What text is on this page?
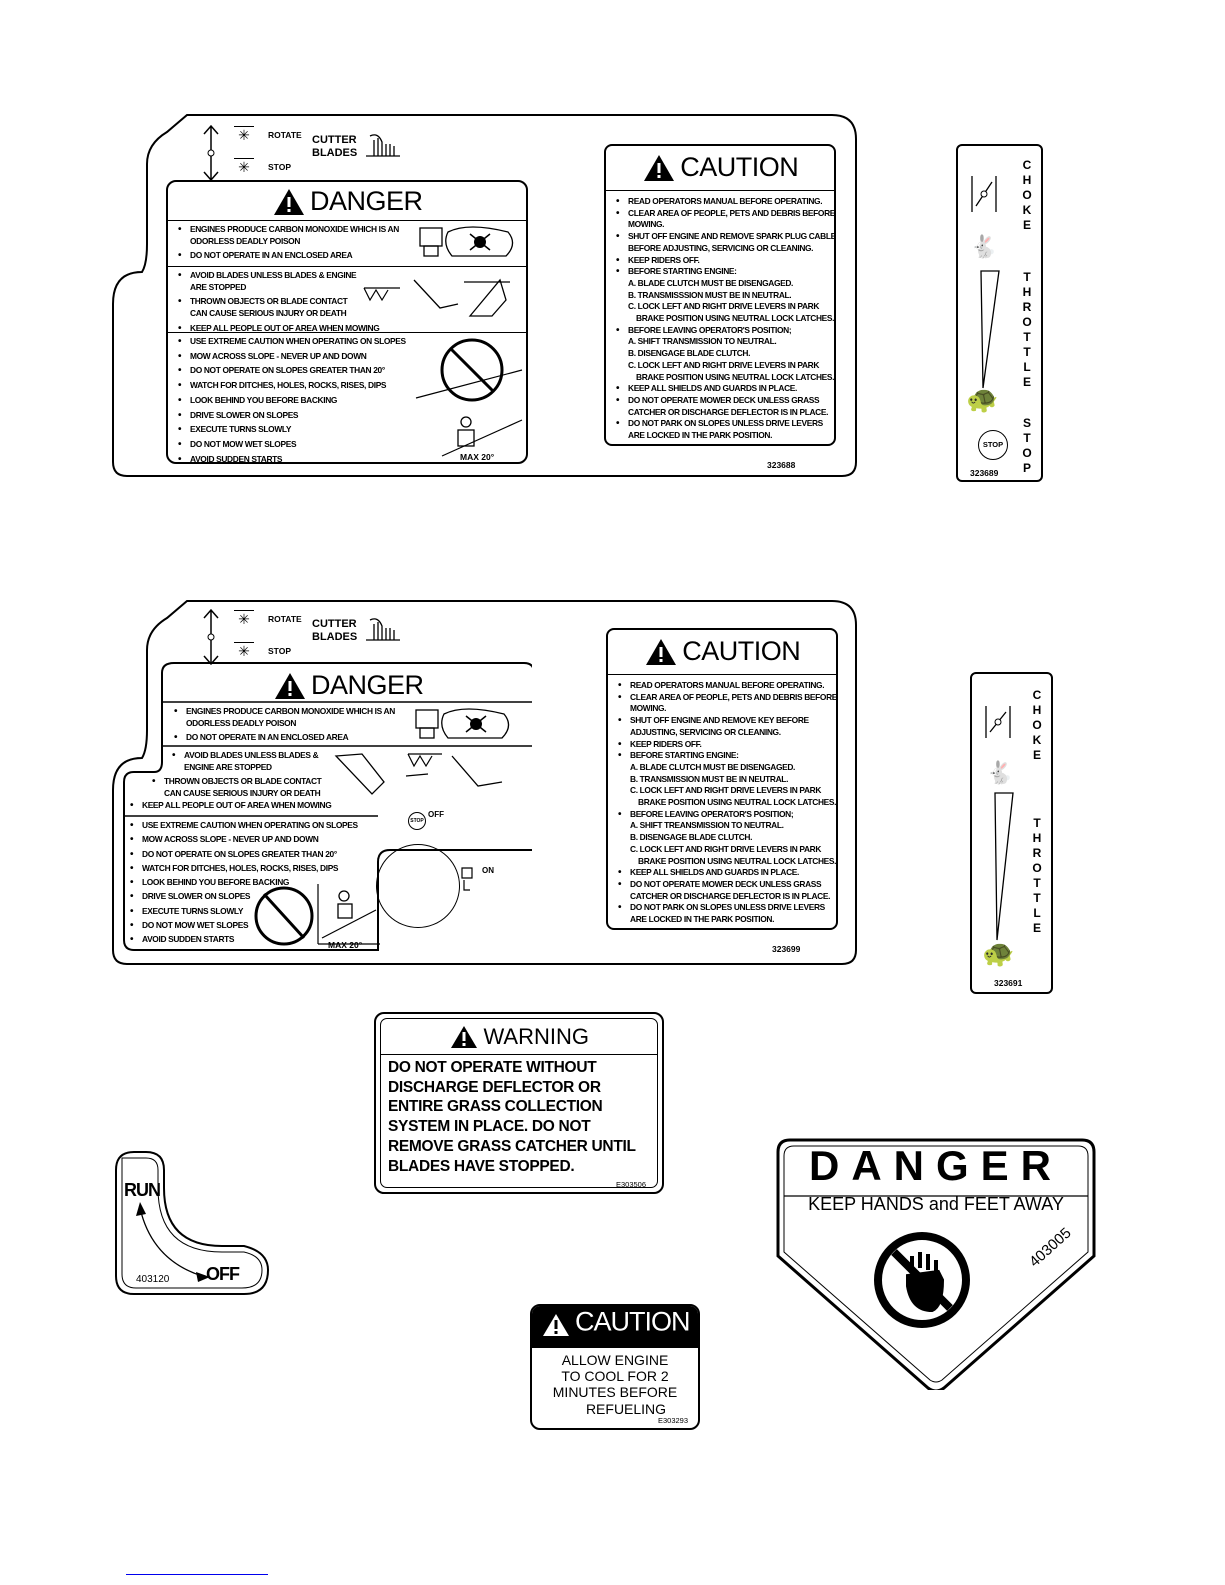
✳	ROTATE
✳	STOP
CUTTER
BLADES
DANGER
• ENGINES PRODUCE CARBON MONOXIDE WHICH IS AN
ODORLESS DEADLY POISON
• DO NOT OPERATE IN AN ENCLOSED AREA
• AVOID BLADES UNLESS BLADES & ENGINE
ARE STOPPED
• THROWN OBJECTS OR BLADE CONTACT
CAN CAUSE SERIOUS INJURY OR DEATH
• KEEP ALL PEOPLE OUT OF AREA WHEN MOWING
• USE EXTREME CAUTION WHEN OPERATING ON SLOPES
• MOW ACROSS SLOPE - NEVER UP AND DOWN
• DO NOT OPERATE ON SLOPES GREATER THAN 20°
• WATCH FOR DITCHES, HOLES, ROCKS, RISES, DIPS
• LOOK BEHIND YOU BEFORE BACKING
• DRIVE SLOWER ON SLOPES
• EXECUTE TURNS SLOWLY
• DO NOT MOW WET SLOPES
• AVOID SUDDEN STARTS	MAX 20°
CAUTION
• READ OPERATORS MANUAL BEFORE OPERATING.
• CLEAR AREA OF PEOPLE, PETS AND DEBRIS BEFORE
MOWING.
• SHUT OFF ENGINE AND REMOVE SPARK PLUG CABLE
BEFORE ADJUSTING, SERVICING OR CLEANING.
• KEEP RIDERS OFF.
• BEFORE STARTING ENGINE:
A. BLADE CLUTCH MUST BE DISENGAGED.
B. TRANSMISSSION MUST BE IN NEUTRAL.
C. LOCK LEFT AND RIGHT DRIVE LEVERS IN PARK
BRAKE POSITION USING NEUTRAL LOCK LATCHES.
• BEFORE LEAVING OPERATOR'S POSITION;
A. SHIFT TRANSMISSION TO NEUTRAL.
B. DISENGAGE BLADE CLUTCH.
C. LOCK LEFT AND RIGHT DRIVE LEVERS IN PARK
BRAKE POSITION USING NEUTRAL LOCK LATCHES.
• KEEP ALL SHIELDS AND GUARDS IN PLACE.
• DO NOT OPERATE MOWER DECK UNLESS GRASS
CATCHER OR DISCHARGE DEFLECTOR IS IN PLACE.
• DO NOT PARK ON SLOPES UNLESS DRIVE LEVERS
ARE LOCKED IN THE PARK POSITION.
323688
🐇
🐢
STOP
C
H
O
K
E
T
H
R
O
T
T
L
E
S
T
O
P
323689
✳	ROTATE
✳	STOP
CUTTER
BLADES
DANGER
• ENGINES PRODUCE CARBON MONOXIDE WHICH IS AN
ODORLESS DEADLY POISON
• DO NOT OPERATE IN AN ENCLOSED AREA
• AVOID BLADES UNLESS BLADES &
ENGINE ARE STOPPED
• THROWN OBJECTS OR BLADE CONTACT
CAN CAUSE SERIOUS INJURY OR DEATH
• KEEP ALL PEOPLE OUT OF AREA WHEN MOWING
• USE EXTREME CAUTION WHEN OPERATING ON SLOPES
• MOW ACROSS SLOPE - NEVER UP AND DOWN
• DO NOT OPERATE ON SLOPES GREATER THAN 20°
• WATCH FOR DITCHES, HOLES, ROCKS, RISES, DIPS
• LOOK BEHIND YOU BEFORE BACKING
• DRIVE SLOWER ON SLOPES
• EXECUTE TURNS SLOWLY
• DO NOT MOW WET SLOPES
• AVOID SUDDEN STARTS
MAX 20°
STOP
OFF
ON
CAUTION
• READ OPERATORS MANUAL BEFORE OPERATING.
• CLEAR AREA OF PEOPLE, PETS AND DEBRIS BEFORE
MOWING.
• SHUT OFF ENGINE AND REMOVE KEY BEFORE
ADJUSTING, SERVICING OR CLEANING.
• KEEP RIDERS OFF.
• BEFORE STARTING ENGINE:
A. BLADE CLUTCH MUST BE DISENGAGED.
B. TRANSMISSION MUST BE IN NEUTRAL.
C. LOCK LEFT AND RIGHT DRIVE LEVERS IN PARK
BRAKE POSITION USING NEUTRAL LOCK LATCHES.
• BEFORE LEAVING OPERATOR'S POSITION;
A. SHIFT TREANSMISSION TO NEUTRAL.
B. DISENGAGE BLADE CLUTCH.
C. LOCK LEFT AND RIGHT DRIVE LEVERS IN PARK
BRAKE POSITION USING NEUTRAL LOCK LATCHES.
• KEEP ALL SHIELDS AND GUARDS IN PLACE.
• DO NOT OPERATE MOWER DECK UNLESS GRASS
CATCHER OR DISCHARGE DEFLECTOR IS IN PLACE.
• DO NOT PARK ON SLOPES UNLESS DRIVE LEVERS
ARE LOCKED IN THE PARK POSITION.
323699
🐇
🐢
C
H
O
K
E
T
H
R
O
T
T
L
E
323691
WARNING
DO NOT OPERATE WITHOUT
DISCHARGE DEFLECTOR OR
ENTIRE GRASS COLLECTION
SYSTEM IN PLACE. DO NOT
REMOVE GRASS CATCHER UNTIL
BLADES HAVE STOPPED.
E303506
RUN
OFF
403120
CAUTION
ALLOW ENGINE
TO COOL FOR 2
MINUTES BEFORE
REFUELING
E303293
DANGER
KEEP HANDS and FEET AWAY
403005
